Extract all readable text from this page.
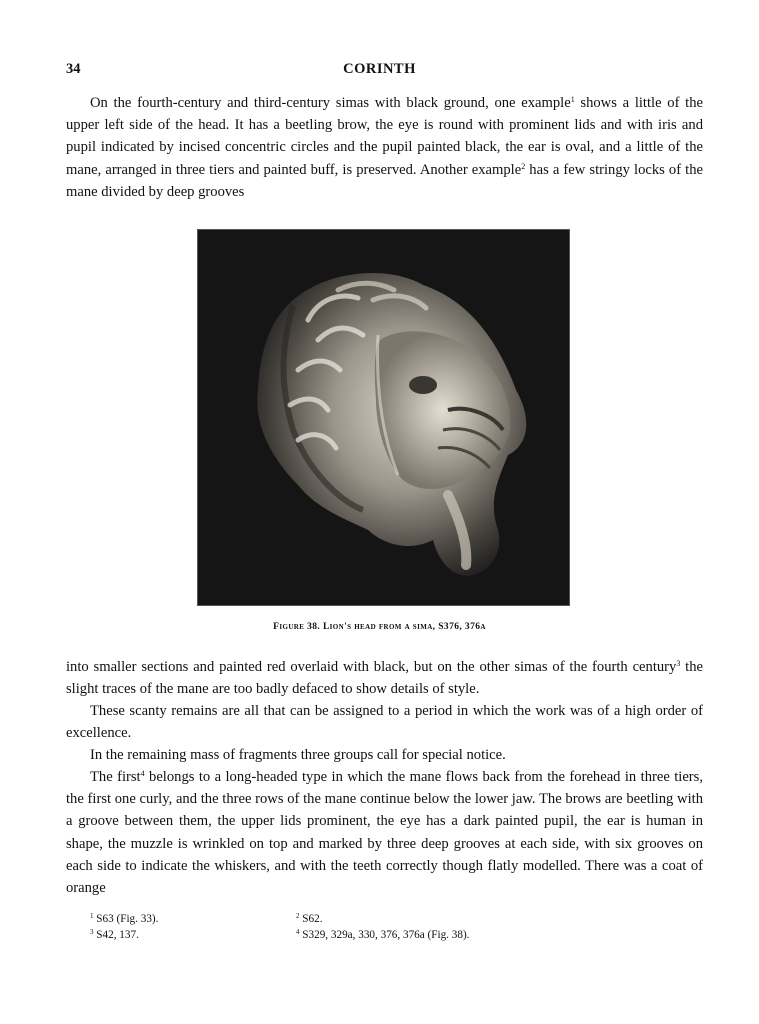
34	CORINTH

On the fourth-century and third-century simas with black ground, one example$^1$ shows a little of the upper left side of the head. It has a beetling brow, the eye is round with prominent lids and with iris and pupil indicated by incised concentric circles and the pupil painted black, the ear is oval, and a little of the mane, arranged in three tiers and painted buff, is preserved. Another example$^2$ has a few stringy locks of the mane divided by deep grooves

Figure 38. Lion's head from a sima, S376, 376a

into smaller sections and painted red overlaid with black, but on the other simas of the fourth century$^3$ the slight traces of the mane are too badly defaced to show details of style.

These scanty remains are all that can be assigned to a period in which the work was of a high order of excellence.

In the remaining mass of fragments three groups call for special notice.

The first$^4$ belongs to a long-headed type in which the mane flows back from the forehead in three tiers, the first one curly, and the three rows of the mane continue below the lower jaw. The brows are beetling with a groove between them, the upper lids prominent, the eye has a dark painted pupil, the ear is human in shape, the muzzle is wrinkled on top and marked by three deep grooves at each side, with six grooves on each side to indicate the whiskers, and with the teeth correctly though flatly modelled. There was a coat of orange

$^1$ S63 (Fig. 33).	$^2$ S62.
$^3$ S42, 137.	$^4$ S329, 329a, 330, 376, 376a (Fig. 38).
